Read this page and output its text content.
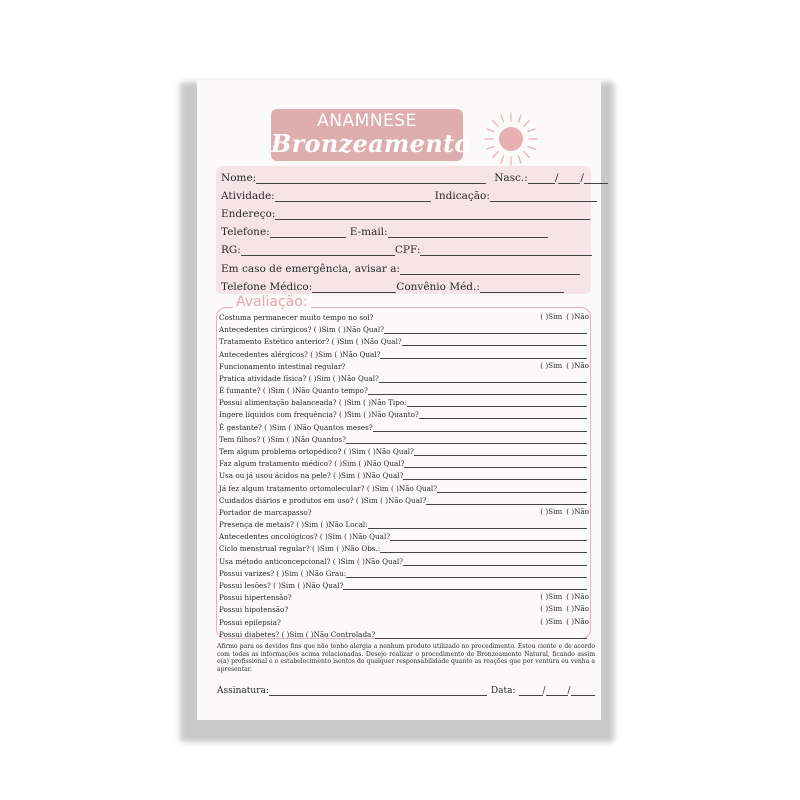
ANAMNESE
Bronzeamento
Nome:	Nasc.:	/ /
Atividade:	Indicação:
Endereço:
Telefone:	E-mail:
RG:	CPF:
Em caso de emergência, avisar a:
Telefone Médico:	Convênio Méd.:
Avaliação:
Afirmo para os devidos fins que não tenho alergia a nenhum produto utilizado no procedimento. Estou ciente e de acordo com todas as informações acima relacionadas. Desejo realizar o procedimento de Bronzeamento Natural, ficando assim o(a) profissional e o estabelecimento isentos de qualquer responsabilidade quanto as reações que por ventura eu venha a apresentar.
Assinatura:	Data:	/ /
Costuma permanecer muito tempo no sol?	( )Sim ( )Não
Antecedentes cirúrgicos? ( )Sim ( )Não Qual?
Tratamento Estético anterior? ( )Sim ( )Não Qual?
Antecedentes alérgicos? ( )Sim ( )Não Qual?
Funcionamento intestinal regular?	( )Sim ( )Não
Pratica atividade física? ( )Sim ( )Não Qual?
É fumante? ( )Sim ( )Não Quanto tempo?
Possui alimentação balanceada? ( )Sim ( )Não Tipo:
Ingere líquidos com frequência? ( )Sim ( )Não Quanto?
É gestante? ( )Sim ( )Não Quantos meses?
Tem filhos? ( )Sim ( )Não Quantos?
Tem algum problema ortopédico? ( )Sim ( )Não Qual?
Faz algum tratamento médico? ( )Sim ( )Não Qual?
Usa ou já usou ácidos na pele? ( )Sim ( )Não Qual?
Já fez algum tratamento ortomolecular? ( )Sim ( )Não Qual?
Cuidados diários e produtos em uso? ( )Sim ( )Não Qual?
Portador de marcapasso?	( )Sim ( )Não
Presença de metais? ( )Sim ( )Não Local:
Antecedentes oncológicos? ( )Sim ( )Não Qual?
Ciclo menstrual regular? ( )Sim ( )Não Obs.:
Usa método anticoncepcional? ( )Sim ( )Não Qual?
Possui varizes? ( )Sim ( )Não Grau:
Possui lesões? ( )Sim ( )Não Qual?
Possui hipertensão?	( )Sim ( )Não
Possui hipotensão?	( )Sim ( )Não
Possui epilepsia?	( )Sim ( )Não
Possui diabetes? ( )Sim ( )Não Controlada?
